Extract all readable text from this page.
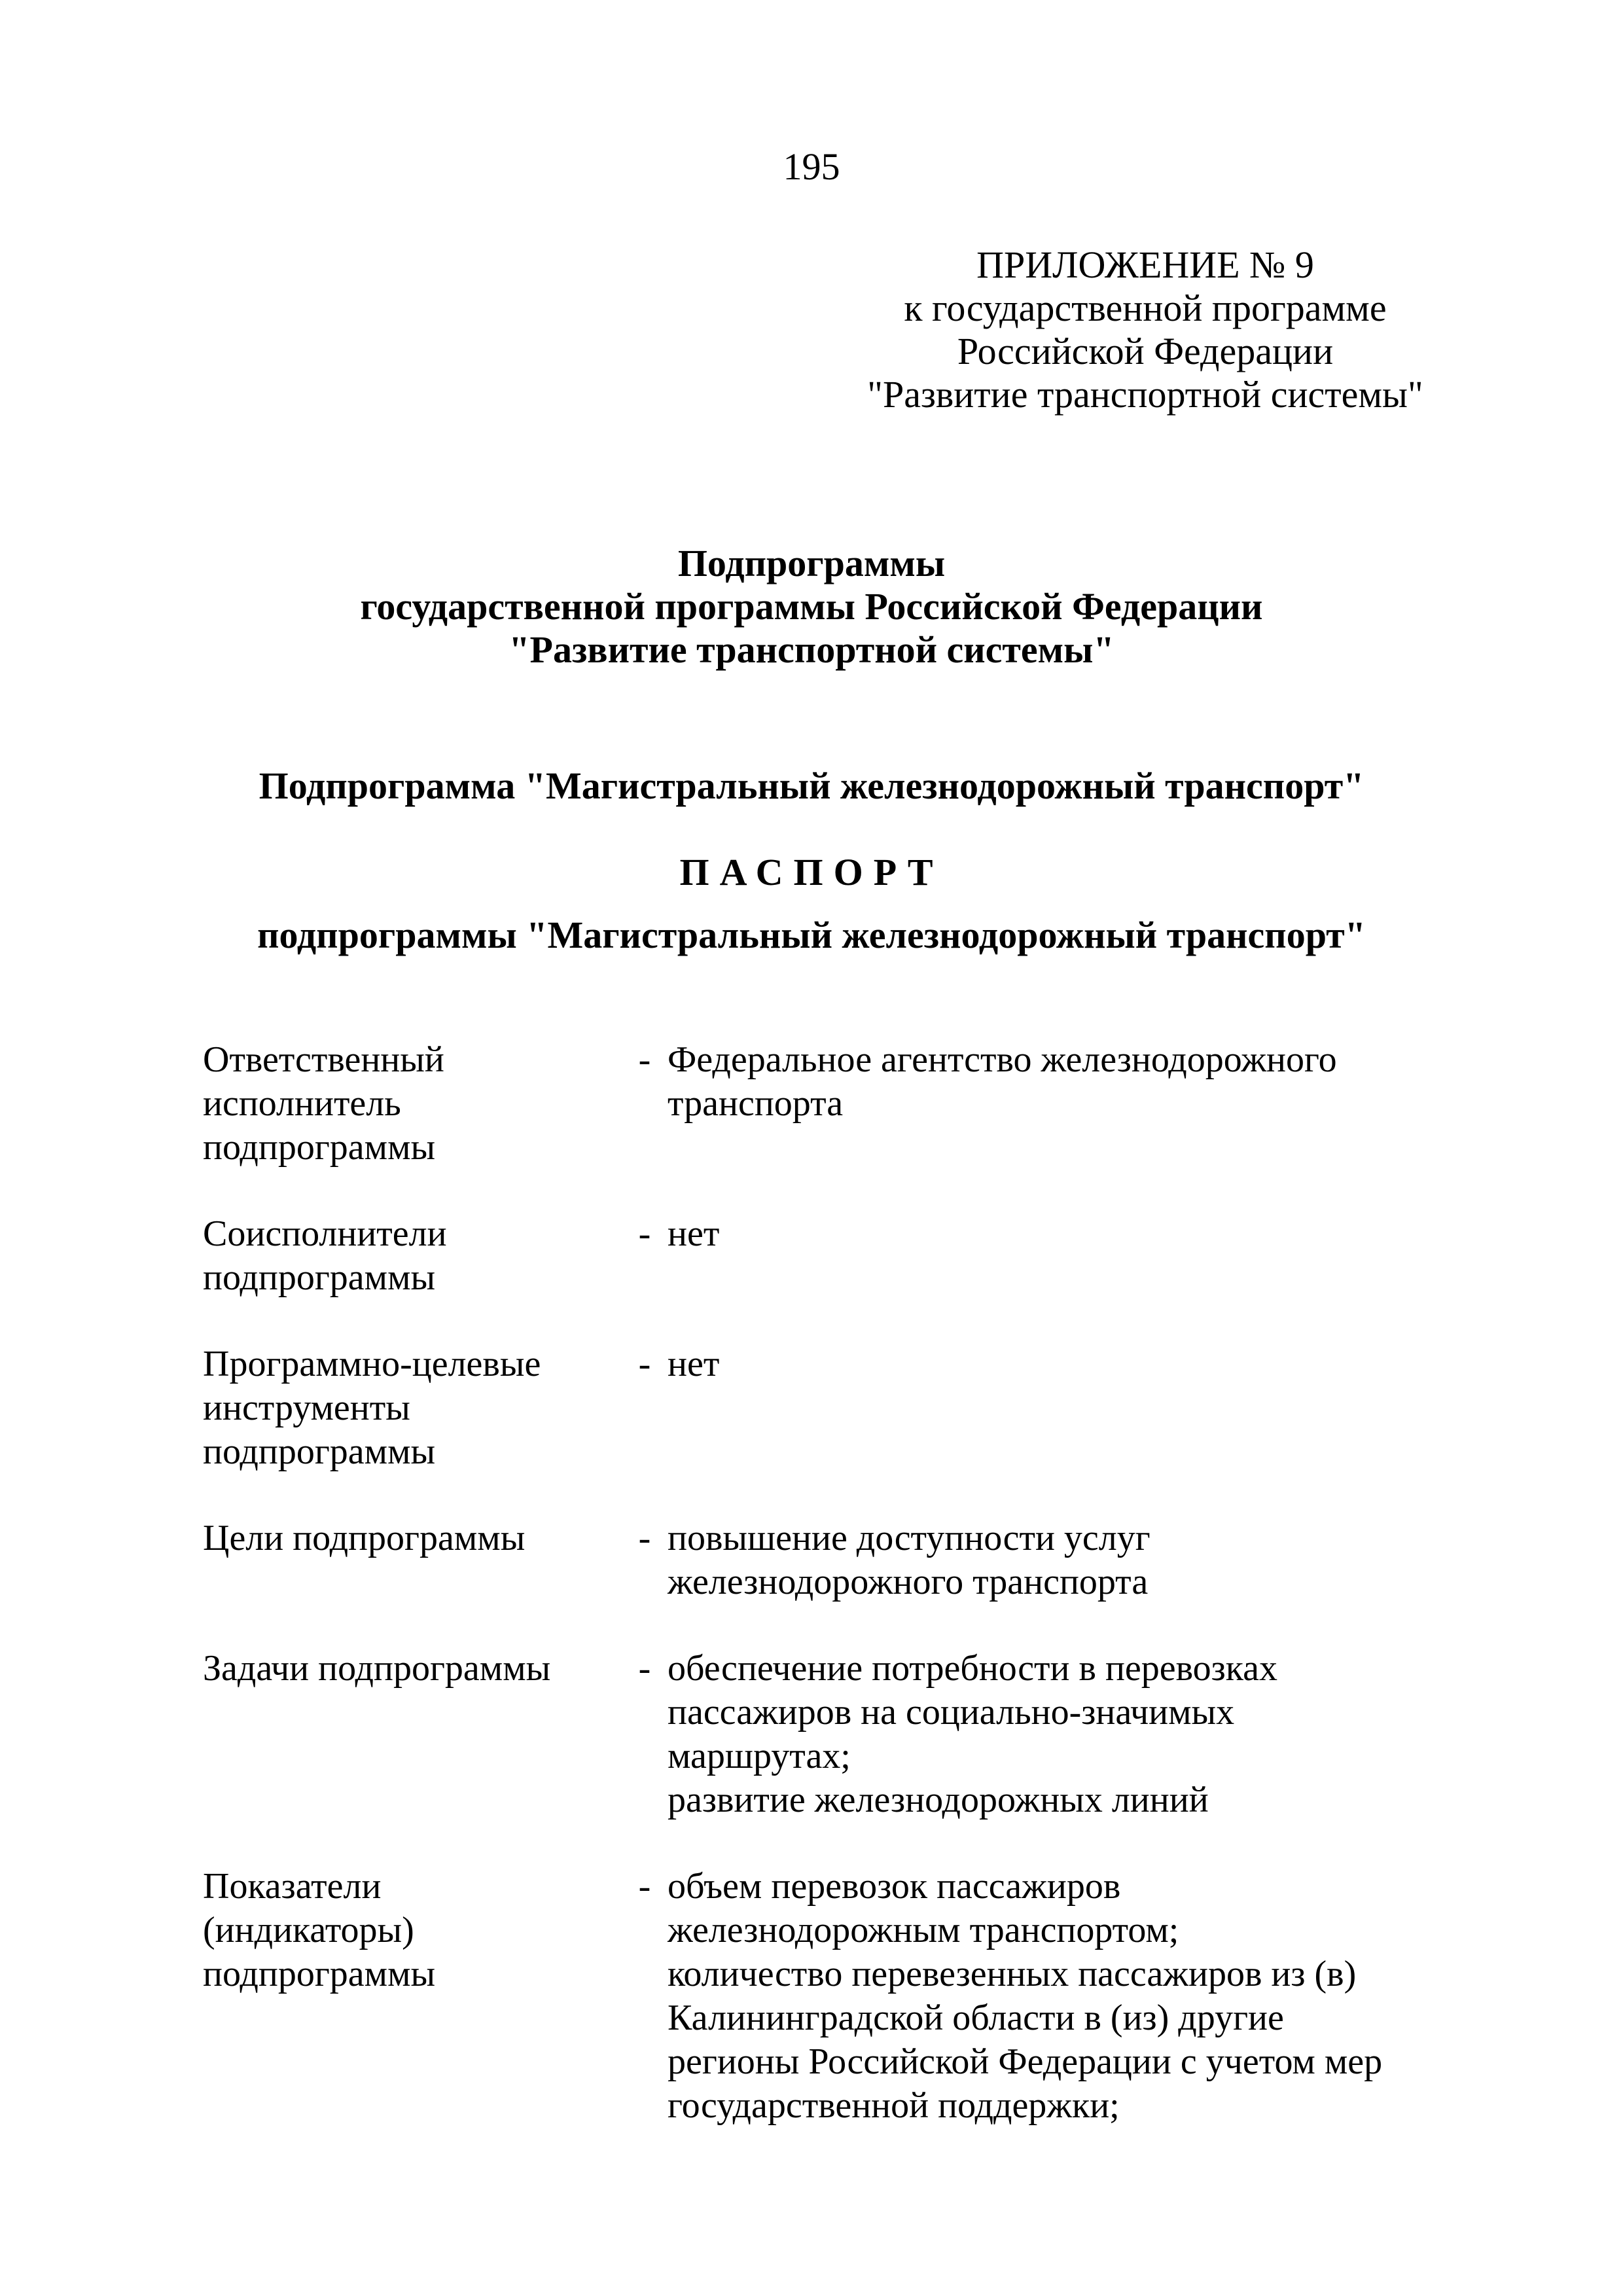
195
ПРИЛОЖЕНИЕ № 9
к государственной программе
Российской Федерации
"Развитие транспортной системы"
Подпрограммы
государственной программы Российской Федерации
"Развитие транспортной системы"
Подпрограмма "Магистральный железнодорожный транспорт"
ПАСПОРТ
подпрограммы "Магистральный железнодорожный транспорт"
Ответственный
исполнитель
подпрограммы
- Федеральное агентство железнодорожного
транспорта
Соисполнители
подпрограммы
- нет
Программно-целевые
инструменты
подпрограммы
- нет
Цели подпрограммы	- повышение доступности услуг
железнодорожного транспорта
Задачи подпрограммы	- обеспечение потребности в перевозках
пассажиров на социально-значимых
маршрутах;
развитие железнодорожных линий
Показатели
(индикаторы)
подпрограммы
- объем перевозок пассажиров
железнодорожным транспортом;
количество перевезенных пассажиров из (в)
Калининградской области в (из) другие
регионы Российской Федерации с учетом мер
государственной поддержки;
